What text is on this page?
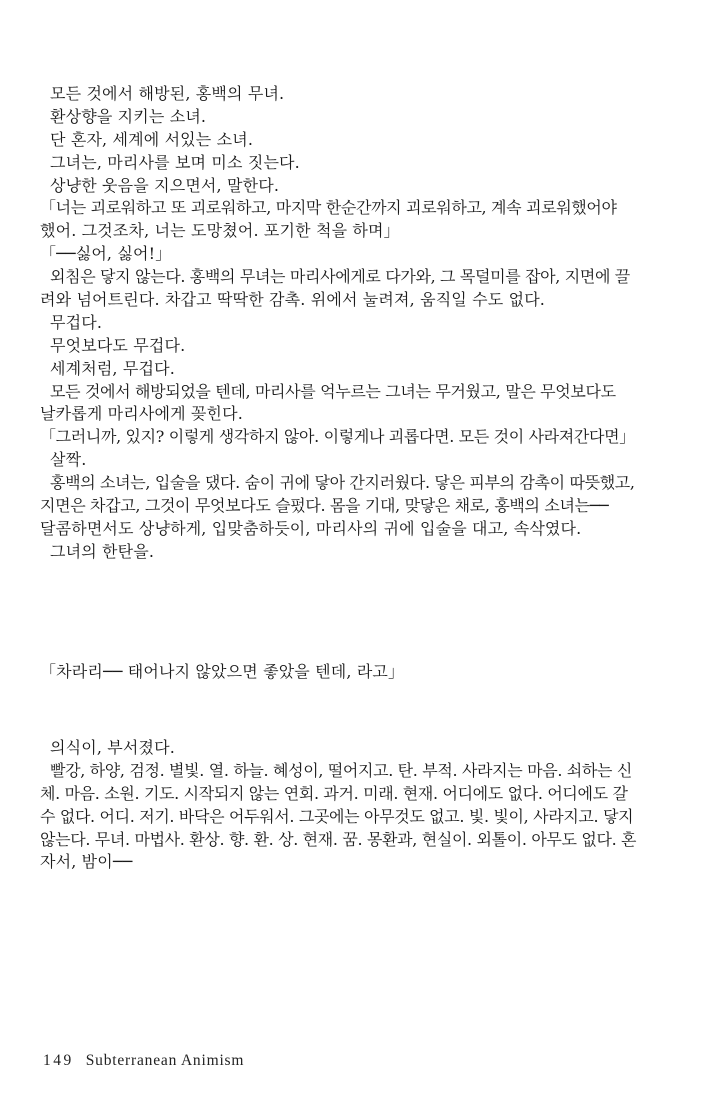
모든 것에서 해방된, 홍백의 무녀.
환상향을 지키는 소녀.
단 혼자, 세계에 서있는 소녀.
그녀는, 마리사를 보며 미소 짓는다.
상냥한 웃음을 지으면서, 말한다.
「너는 괴로워하고 또 괴로워하고, 마지막 한순간까지 괴로워하고, 계속 괴로워했어야
했어. 그것조차, 너는 도망쳤어. 포기한 척을 하며」
「──싫어, 싫어!」
외침은 닿지 않는다. 홍백의 무녀는 마리사에게로 다가와, 그 목덜미를 잡아, 지면에 끌
려와 넘어트린다. 차갑고 딱딱한 감촉. 위에서 눌려져, 움직일 수도 없다.
무겁다.
무엇보다도 무겁다.
세계처럼, 무겁다.
모든 것에서 해방되었을 텐데, 마리사를 억누르는 그녀는 무거웠고, 말은 무엇보다도
날카롭게 마리사에게 꽂힌다.
「그러니까, 있지? 이렇게 생각하지 않아. 이렇게나 괴롭다면. 모든 것이 사라져간다면」
살짝.
홍백의 소녀는, 입술을 댔다. 숨이 귀에 닿아 간지러웠다. 닿은 피부의 감촉이 따뜻했고,
지면은 차갑고, 그것이 무엇보다도 슬펐다. 몸을 기대, 맞닿은 채로, 홍백의 소녀는──
달콤하면서도 상냥하게, 입맞춤하듯이, 마리사의 귀에 입술을 대고, 속삭였다.
그녀의 한탄을.
「차라리── 태어나지 않았으면 좋았을 텐데, 라고」
의식이, 부서졌다.
빨강, 하양, 검정. 별빛. 열. 하늘. 혜성이, 떨어지고. 탄. 부적. 사라지는 마음. 쇠하는 신
체. 마음. 소원. 기도. 시작되지 않는 연회. 과거. 미래. 현재. 어디에도 없다. 어디에도 갈
수 없다. 어디. 저기. 바닥은 어두워서. 그곳에는 아무것도 없고. 빛. 빛이, 사라지고. 닿지
않는다. 무녀. 마법사. 환상. 향. 환. 상. 현재. 꿈. 몽환과, 현실이. 외톨이. 아무도 없다. 혼
자서, 밤이──
149 Subterranean Animism
